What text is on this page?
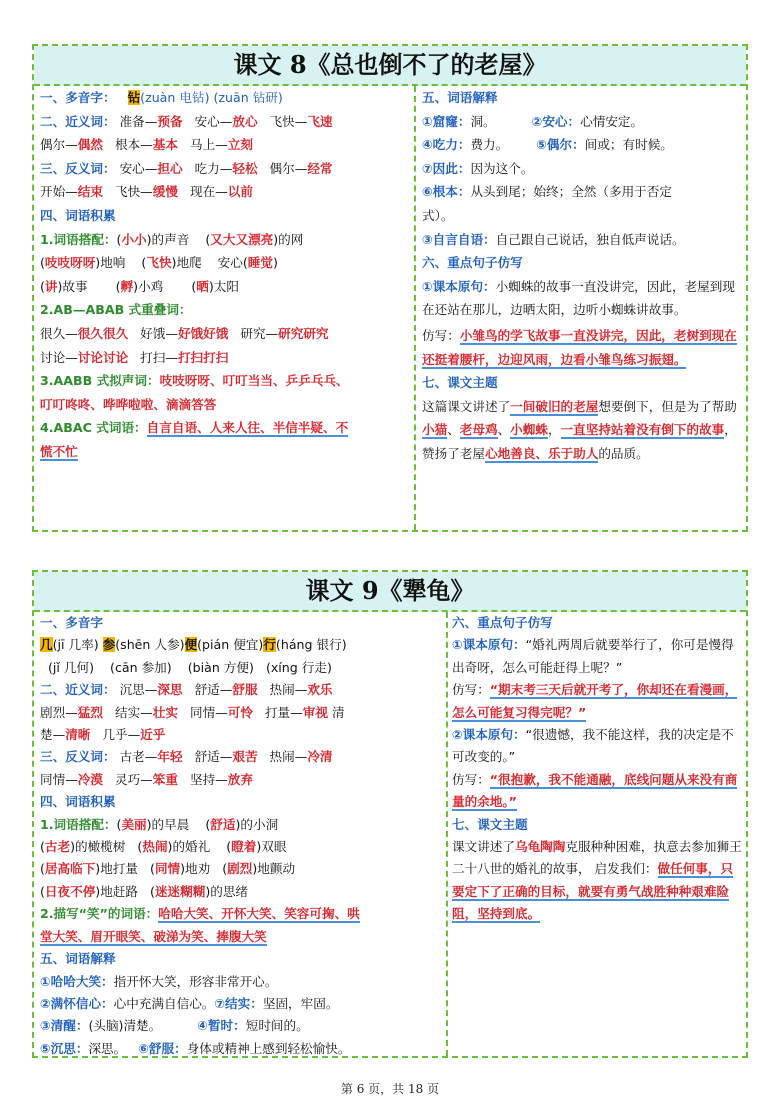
课文 8《总也倒不了的老屋》

一、多音字： 钻(zuàn 电钻) (zuān 钻研)

二、近义词： 准备—预备 安心—放心 飞快—飞速

偶尔—偶然 根本—基本 马上—立刻

三、反义词： 安心—担心 吃力—轻松 偶尔—经常

开始—结束 飞快—缓慢 现在—以前

四、词语积累

1.词语搭配：(小小)的声音 (又大又漂亮)的网

(吱吱呀呀)地响 (飞快)地爬 安心(睡觉)

(讲)故事 (孵)小鸡 (晒)太阳

2.AB—ABAB 式重叠词：

很久—很久很久 好饿—好饿好饿 研究—研究研究

讨论—讨论讨论 打扫—打扫打扫

3.AABB 式拟声词：吱吱呀呀、叮叮当当、乒乒乓乓、

叮叮咚咚、哗哗啦啦、滴滴答答

4.ABAC 式词语：自言自语、人来人往、半信半疑、不

慌不忙

五、词语解释

①窟窿：洞。	②安心：心情安定。

④吃力：费力。 ⑤偶尔：间或；有时候。

⑦因此：因为这个。

⑥根本：从头到尾；始终；全然（多用于否定

式）。

③自言自语：自己跟自己说话，独自低声说话。

六、重点句子仿写

①课本原句：小蜘蛛的故事一直没讲完，因此，老屋到现在还站在那儿，边晒太阳，边听小蜘蛛讲故事。

仿写：小雏鸟的学飞故事一直没讲完，因此，老树到现在还挺着腰杆，边迎风雨，边看小雏鸟练习振翅。

七、课文主题

这篇课文讲述了一间破旧的老屋想要倒下，但是为了帮助小猫、老母鸡、小蜘蛛，一直坚持站着没有倒下的故事，赞扬了老屋心地善良、乐于助人的品质。

课文 9《犟龟》

一、多音字

几(jī 几率) 参(shēn 人参)便(pián 便宜)行(háng 银行)

(jǐ 几何) (cān 参加) (biàn 方便) (xíng 行走)

二、近义词： 沉思—深思 舒适—舒服 热闹—欢乐

剧烈—猛烈 结实—壮实 同情—可怜 打量—审视 清

楚—清晰 几乎—近乎

三、反义词： 古老—年轻 舒适—艰苦 热闹—冷清

同情—冷漠 灵巧—笨重 坚持—放弃

四、词语积累

1.词语搭配：(美丽)的早晨 (舒适)的小洞

(古老)的橄榄树 (热闹)的婚礼 (瞪着)双眼

(居高临下)地打量 (同情)地劝 (剧烈)地颤动

(日夜不停)地赶路 (迷迷糊糊)的思绪

2.描写“笑”的词语：哈哈大笑、开怀大笑、笑容可掬、哄

堂大笑、眉开眼笑、破涕为笑、捧腹大笑

五、词语解释

①哈哈大笑：指开怀大笑，形容非常开心。

②满怀信心：心中充满自信心。⑦结实：坚固，牢固。

③清醒：(头脑)清楚。	④暂时：短时间的。

⑤沉思：深思。 ⑥舒服：身体或精神上感到轻松愉快。

六、重点句子仿写

①课本原句：“婚礼两周后就要举行了，你可是慢得出奇呀，怎么可能赶得上呢？”

仿写：“期末考三天后就开考了，你却还在看漫画，怎么可能复习得完呢？”

②课本原句：“很遗憾，我不能这样，我的决定是不可改变的。”

仿写：“很抱歉，我不能通融，底线问题从来没有商量的余地。”

七、课文主题

课文讲述了乌龟陶陶克服种种困难，执意去参加狮王二十八世的婚礼的故事， 启发我们：做任何事，只要定下了正确的目标，就要有勇气战胜种种艰难险阻，坚持到底。

第 6 页，共 18 页
